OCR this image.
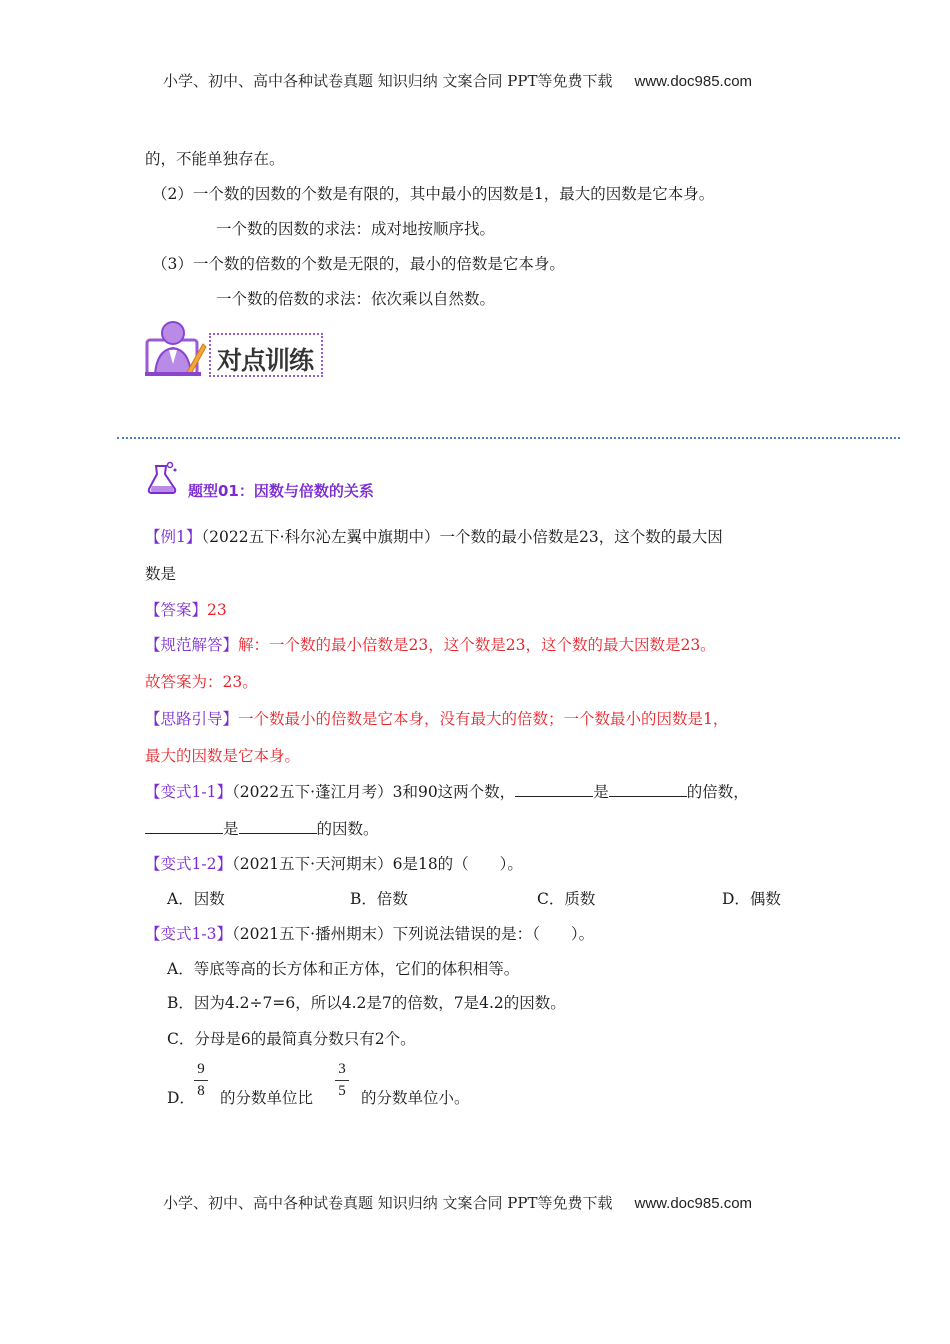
小学、初中、高中各种试卷真题 知识归纳 文案合同 PPT等免费下载 www.doc985.com
的，不能单独存在。
（2）一个数的因数的个数是有限的，其中最小的因数是1，最大的因数是它本身。
一个数的因数的求法：成对地按顺序找。
（3）一个数的倍数的个数是无限的，最小的倍数是它本身。
一个数的倍数的求法：依次乘以自然数。
对点训练
题型01：因数与倍数的关系
【例1】（2022五下·科尔沁左翼中旗期中）一个数的最小倍数是23，这个数的最大因
数是
【答案】23
【规范解答】解：一个数的最小倍数是23，这个数是23，这个数的最大因数是23。
故答案为：23。
【思路引导】一个数最小的倍数是它本身，没有最大的倍数；一个数最小的因数是1，
最大的因数是它本身。
【变式1-1】（2022五下·蓬江月考）3和90这两个数，	是	的倍数，
是	的因数。
【变式1-2】（2021五下·天河期末）6是18的（　　）。
A．因数	B．倍数	C．质数	D．偶数
【变式1-3】（2021五下·播州期末）下列说法错误的是：（　　）。
A．等底等高的长方体和正方体，它们的体积相等。
B．因为4.2÷7=6，所以4.2是7的倍数，7是4.2的因数。
C．分母是6的最简真分数只有2个。
D．
9
8 的分数单位比
3
5 的分数单位小。
小学、初中、高中各种试卷真题 知识归纳 文案合同 PPT等免费下载 www.doc985.com
